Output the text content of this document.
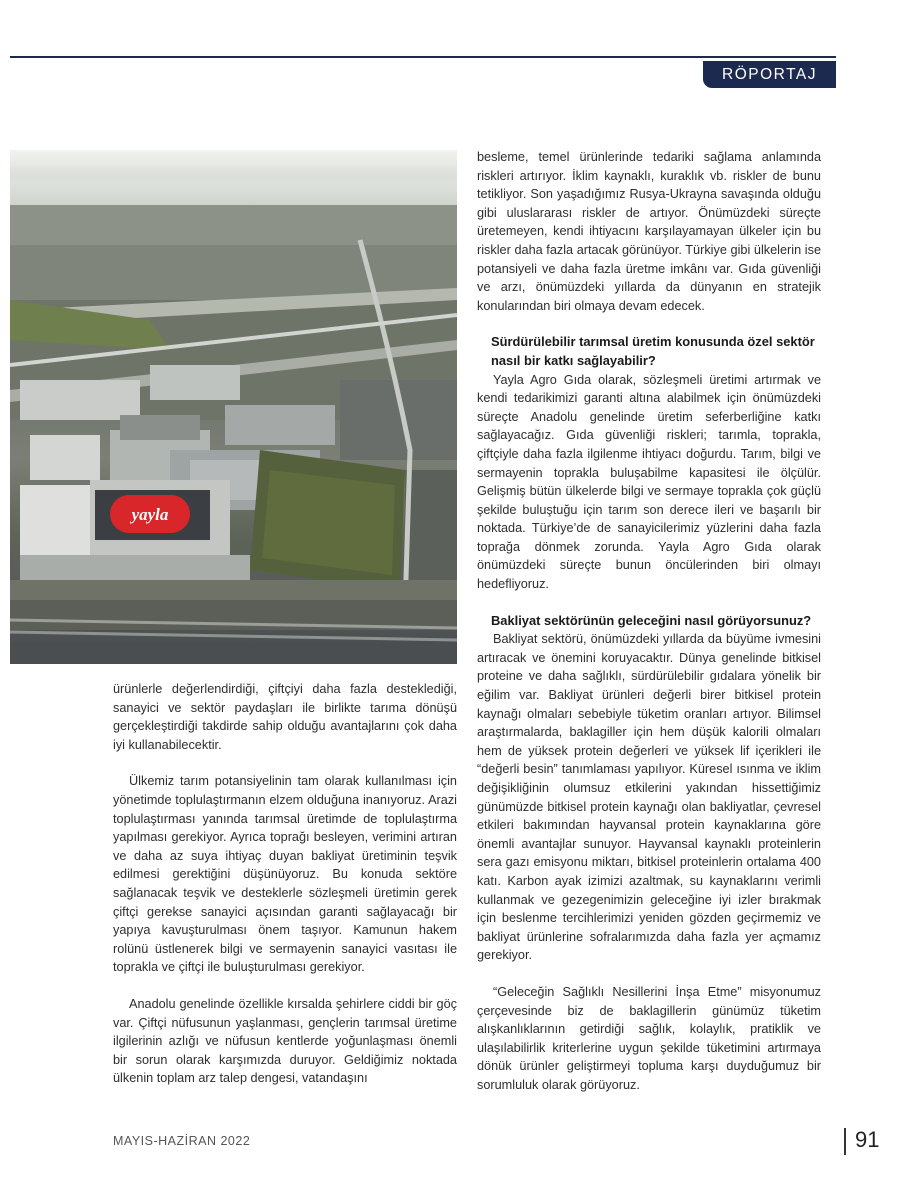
RÖPORTAJ
yayla

ürünlerle değerlendirdiği, çiftçiyi daha fazla desteklediği, sanayici ve sektör paydaşları ile birlikte tarıma dönüşü gerçekleştirdiği takdirde sahip olduğu avantajlarını çok daha iyi kullanabilecektir.

Ülkemiz tarım potansiyelinin tam olarak kullanılması için yönetimde toplulaştırmanın elzem olduğuna inanıyoruz. Arazi toplulaştırması yanında tarımsal üretimde de toplulaştırma yapılması gerekiyor. Ayrıca toprağı besleyen, verimini artıran ve daha az suya ihtiyaç duyan bakliyat üretiminin teşvik edilmesi gerektiğini düşünüyoruz. Bu konuda sektöre sağlanacak teşvik ve desteklerle sözleşmeli üretimin gerek çiftçi gerekse sanayici açısından garanti sağlayacağı bir yapıya kavuşturulması önem taşıyor. Kamunun hakem rolünü üstlenerek bilgi ve sermayenin sanayici vasıtası ile toprakla ve çiftçi ile buluşturulması gerekiyor.

Anadolu genelinde özellikle kırsalda şehirlere ciddi bir göç var. Çiftçi nüfusunun yaşlanması, gençlerin tarımsal üretime ilgilerinin azlığı ve nüfusun kentlerde yoğunlaşması önemli bir sorun olarak karşımızda duruyor. Geldiğimiz noktada ülkenin toplam arz talep dengesi, vatandaşını

besleme, temel ürünlerinde tedariki sağlama anlamında riskleri artırıyor. İklim kaynaklı, kuraklık vb. riskler de bunu tetikliyor. Son yaşadığımız Rusya-Ukrayna savaşında olduğu gibi uluslararası riskler de artıyor. Önümüzdeki süreçte üretemeyen, kendi ihtiyacını karşılayamayan ülkeler için bu riskler daha fazla artacak görünüyor. Türkiye gibi ülkelerin ise potansiyeli ve daha fazla üretme imkânı var. Gıda güvenliği ve arzı, önümüzdeki yıllarda da dünyanın en stratejik konularından biri olmaya devam edecek.

Sürdürülebilir tarımsal üretim konusunda özel sektör nasıl bir katkı sağlayabilir?

Yayla Agro Gıda olarak, sözleşmeli üretimi artırmak ve kendi tedarikimizi garanti altına alabilmek için önümüzdeki süreçte Anadolu genelinde üretim seferberliğine katkı sağlayacağız. Gıda güvenliği riskleri; tarımla, toprakla, çiftçiyle daha fazla ilgilenme ihtiyacı doğurdu. Tarım, bilgi ve sermayenin toprakla buluşabilme kapasitesi ile ölçülür. Gelişmiş bütün ülkelerde bilgi ve sermaye toprakla çok güçlü şekilde buluştuğu için tarım son derece ileri ve başarılı bir noktada. Türkiye’de de sanayicilerimiz yüzlerini daha fazla toprağa dönmek zorunda. Yayla Agro Gıda olarak önümüzdeki süreçte bunun öncülerinden biri olmayı hedefliyoruz.

Bakliyat sektörünün geleceğini nasıl görüyorsunuz?

Bakliyat sektörü, önümüzdeki yıllarda da büyüme ivmesini artıracak ve önemini koruyacaktır. Dünya genelinde bitkisel proteine ve daha sağlıklı, sürdürülebilir gıdalara yönelik bir eğilim var. Bakliyat ürünleri değerli birer bitkisel protein kaynağı olmaları sebebiyle tüketim oranları artıyor. Bilimsel araştırmalarda, baklagiller için hem düşük kalorili olmaları hem de yüksek protein değerleri ve yüksek lif içerikleri ile “değerli besin” tanımlaması yapılıyor. Küresel ısınma ve iklim değişikliğinin olumsuz etkilerini yakından hissettiğimiz günümüzde bitkisel protein kaynağı olan bakliyatlar, çevresel etkileri bakımından hayvansal protein kaynaklarına göre önemli avantajlar sunuyor. Hayvansal kaynaklı proteinlerin sera gazı emisyonu miktarı, bitkisel proteinlerin ortalama 400 katı. Karbon ayak izimizi azaltmak, su kaynaklarını verimli kullanmak ve gezegenimizin geleceğine iyi izler bırakmak için beslenme tercihlerimizi yeniden gözden geçirmemiz ve bakliyat ürünlerine sofralarımızda daha fazla yer açmamız gerekiyor.

“Geleceğin Sağlıklı Nesillerini İnşa Etme” misyonumuz çerçevesinde biz de baklagillerin günümüz tüketim alışkanlıklarının getirdiği sağlık, kolaylık, pratiklik ve ulaşılabilirlik kriterlerine uygun şekilde tüketimini artırmaya dönük ürünler geliştirmeyi topluma karşı duyduğumuz bir sorumluluk olarak görüyoruz.

MAYIS-HAZİRAN 2022	91
